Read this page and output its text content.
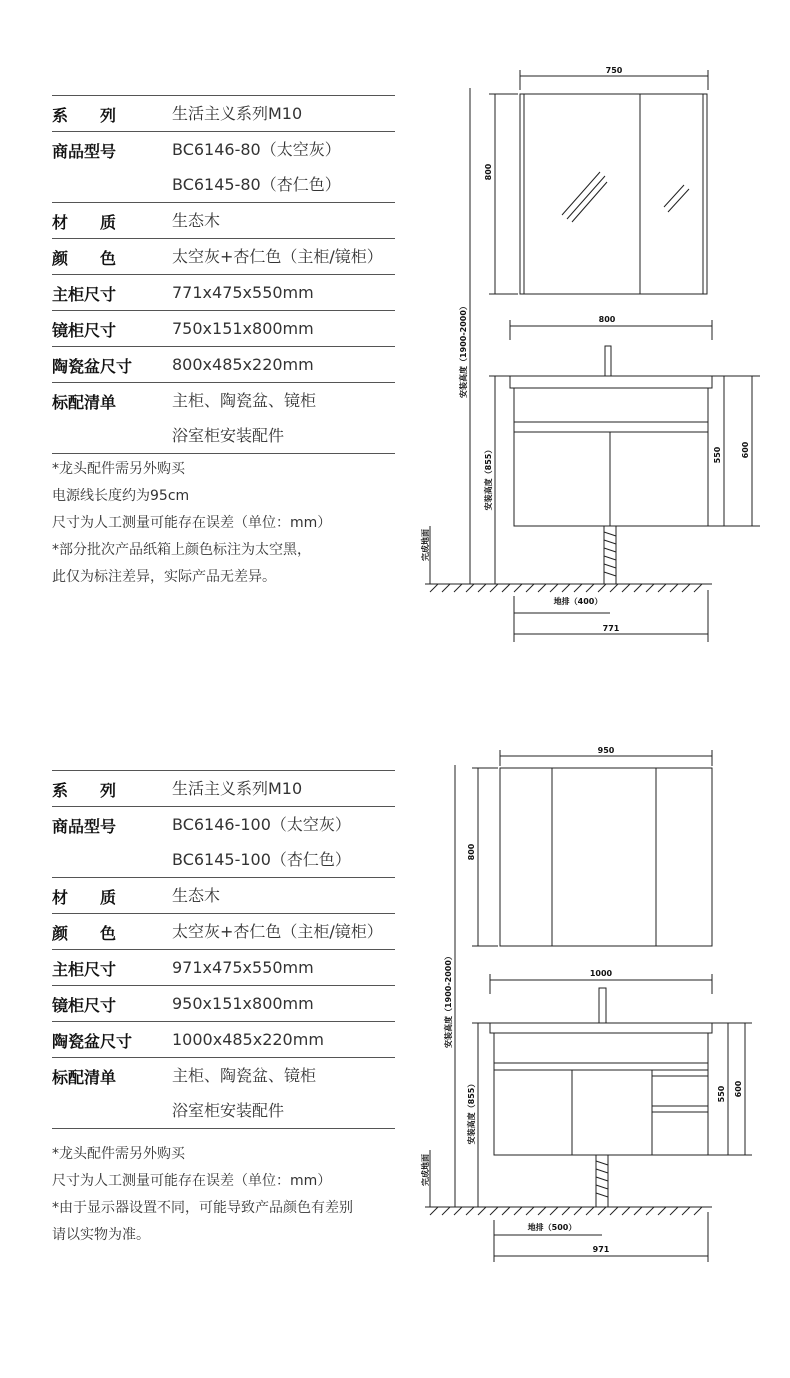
系　　列	生活主义系列M10
商品型号	BC6146-80（太空灰）
BC6145-80（杏仁色）
材　　质	生态木
颜　　色	太空灰+杏仁色（主柜/镜柜）
主柜尺寸	771x475x550mm
镜柜尺寸	750x151x800mm
陶瓷盆尺寸	800x485x220mm
标配清单	主柜、陶瓷盆、镜柜
浴室柜安装配件
*龙头配件需另外购买
电源线长度约为95cm
尺寸为人工测量可能存在误差（单位：mm）
*部分批次产品纸箱上颜色标注为太空黑，
此仅为标注差异，实际产品无差异。
750
800
安装高度（1900-2000）	800
安装高度（855）	550 600
完成地面
地排（400）
771
系　　列	生活主义系列M10
商品型号	BC6146-100（太空灰）
BC6145-100（杏仁色）
材　　质	生态木
颜　　色	太空灰+杏仁色（主柜/镜柜）
主柜尺寸	971x475x550mm
镜柜尺寸	950x151x800mm
陶瓷盆尺寸	1000x485x220mm
标配清单	主柜、陶瓷盆、镜柜
浴室柜安装配件
*龙头配件需另外购买
尺寸为人工测量可能存在误差（单位：mm）
*由于显示器设置不同，可能导致产品颜色有差别
请以实物为准。
950
800
安装高度（1900-2000）	1000
安装高度（855）	550 600
完成地面
地排（500）
971
